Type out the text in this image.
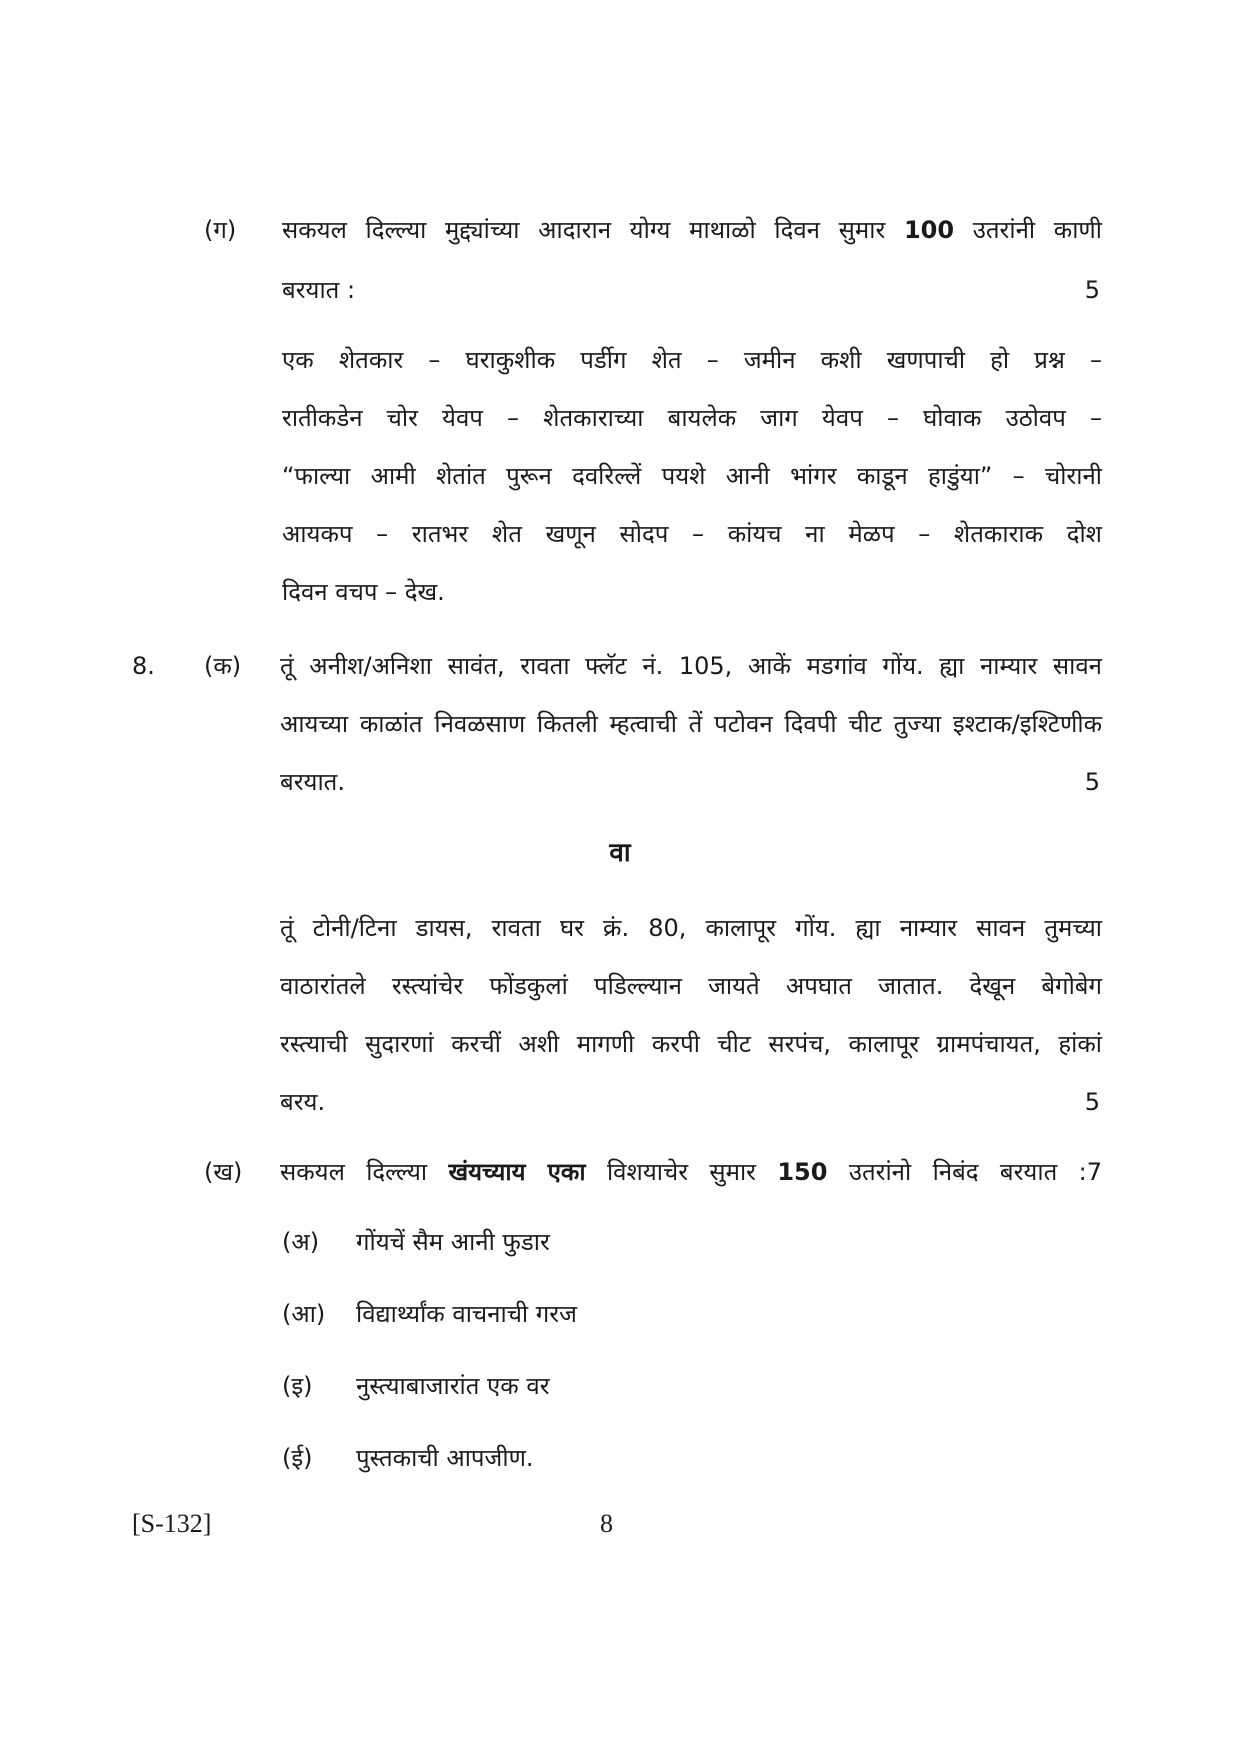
(ग) सकयल दिल्ल्या मुद्द्यांच्या आदारान योग्य माथाळो दिवन सुमार 100 उतरांनी काणी
बरयात :	5
एक शेतकार – घराकुशीक पर्डीग शेत – जमीन कशी खणपाची हो प्रश्न –
रातीकडेन चोर येवप – शेतकाराच्या बायलेक जाग येवप – घोवाक उठोवप –
“फाल्या आमी शेतांत पुरून दवरिल्लें पयशे आनी भांगर काडून हाडुंया” – चोरानी
आयकप – रातभर शेत खणून सोदप – कांयच ना मेळप – शेतकाराक दोश
दिवन वचप – देख.
8. (क) तूं अनीश/अनिशा सावंत, रावता फ्लॅट नं. 105, आकें मडगांव गोंय. ह्या नाम्यार सावन
आयच्या काळांत निवळसाण कितली म्हत्वाची तें पटोवन दिवपी चीट तुज्या इश्टाक/इश्टिणीक
बरयात.	5
वा
तूं टोनी/टिना डायस, रावता घर क्रं. 80, कालापूर गोंय. ह्या नाम्यार सावन तुमच्या
वाठारांतले रस्त्यांचेर फोंडकुलां पडिल्ल्यान जायते अपघात जातात. देखून बेगोबेग
रस्त्याची सुदारणां करचीं अशी मागणी करपी चीट सरपंच, कालापूर ग्रामपंचायत, हांकां
बरय.	5
(ख) सकयल दिल्ल्या खंयच्याय एका विशयाचेर सुमार 150 उतरांनो निबंद बरयात :7
(अ) गोंयचें सैम आनी फुडार
(आ) विद्यार्थ्यांक वाचनाची गरज
(इ) नुस्त्याबाजारांत एक वर
(ई) पुस्तकाची आपजीण.
[S-132]	8
